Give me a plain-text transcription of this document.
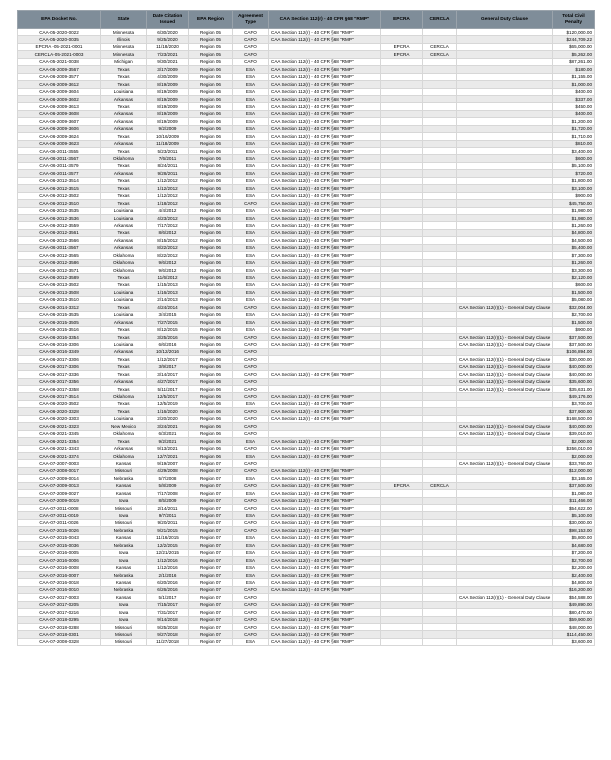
EPA Docket No.	State	Date Citation Issued	EPA Region	Agreement Type	CAA Section 112(r) - 40 CFR §68 "RMP"	EPCRA	CERCLA	General Duty Clause	Total Civil Penalty
CAA-05-2020-0022	Minnesota	6/30/2020	Region 05	CAFO	CAA Section 112(r) - 40 CFR §68 "RMP"				$120,000.00
CAA-05-2020-0035	Illinois	9/25/2020	Region 05	CAFO	CAA Section 112(r) - 40 CFR §68 "RMP"				$244,709.22
EPCRA -05-2021-0001	Minnesota	11/18/2020	Region 05	CAFO		EPCRA	CERCLA		$65,000.00
CERCLA-05-2021-0003	Minnesota	7/23/2021	Region 05	CAFO		EPCRA	CERCLA		$5,262.00
CAA-05-2021-0038	Michigan	9/30/2021	Region 05	CAFO	CAA Section 112(r) - 40 CFR §68 "RMP"				$87,261.00
CAA-06-2009-3567	Texas	3/17/2009	Region 06	ESA	CAA Section 112(r) - 40 CFR §68 "RMP"				$180.00
CAA-06-2009-3577	Texas	4/30/2009	Region 06	ESA	CAA Section 112(r) - 40 CFR §68 "RMP"				$1,155.00
CAA-06-2009-3612	Texas	8/19/2009	Region 06	ESA	CAA Section 112(r) - 40 CFR §68 "RMP"				$1,000.00
CAA-06-2009-3604	Louisiana	8/19/2009	Region 06	ESA	CAA Section 112(r) - 40 CFR §68 "RMP"				$400.00
CAA-06-2009-3602	Arkansas	8/19/2009	Region 06	ESA	CAA Section 112(r) - 40 CFR §68 "RMP"				$337.00
CAA-06-2009-3613	Texas	8/19/2009	Region 06	ESA	CAA Section 112(r) - 40 CFR §68 "RMP"				$450.00
CAA-06-2009-3608	Arkansas	8/19/2009	Region 06	ESA	CAA Section 112(r) - 40 CFR §68 "RMP"				$400.00
CAA-06-2009-3607	Arkansas	8/19/2009	Region 06	ESA	CAA Section 112(r) - 40 CFR §68 "RMP"				$1,200.00
CAA-06-2009-3606	Arkansas	9/2/2009	Region 06	ESA	CAA Section 112(r) - 40 CFR §68 "RMP"				$1,720.00
CAA-06-2009-3624	Texas	10/16/2009	Region 06	ESA	CAA Section 112(r) - 40 CFR §68 "RMP"				$1,710.00
CAA-06-2009-3623	Arkansas	11/18/2009	Region 06	ESA	CAA Section 112(r) - 40 CFR §68 "RMP"				$810.00
CAA-06-2011-3555	Texas	5/23/2011	Region 06	ESA	CAA Section 112(r) - 40 CFR §68 "RMP"				$3,400.00
CAA-06-2011-3567	Oklahoma	7/6/2011	Region 06	ESA	CAA Section 112(r) - 40 CFR §68 "RMP"				$600.00
CAA-06-2011-3579	Texas	8/24/2011	Region 06	ESA	CAA Section 112(r) - 40 CFR §68 "RMP"				$5,100.00
CAA-06-2011-3577	Arkansas	9/28/2011	Region 06	ESA	CAA Section 112(r) - 40 CFR §68 "RMP"				$720.00
CAA-06-2012-3514	Texas	1/12/2012	Region 06	ESA	CAA Section 112(r) - 40 CFR §68 "RMP"				$1,800.00
CAA-06-2012-3515	Texas	1/12/2012	Region 06	ESA	CAA Section 112(r) - 40 CFR §68 "RMP"				$3,100.00
CAA-06-2012-3502	Texas	1/12/2012	Region 06	ESA	CAA Section 112(r) - 40 CFR §68 "RMP"				$900.00
CAA-06-2012-3510	Texas	1/18/2012	Region 06	CAFO	CAA Section 112(r) - 40 CFR §68 "RMP"				$45,750.00
CAA-06-2012-3535	Louisiana	4/4/2012	Region 06	ESA	CAA Section 112(r) - 40 CFR §68 "RMP"				$1,980.00
CAA-06-2012-3536	Louisiana	4/23/2012	Region 06	ESA	CAA Section 112(r) - 40 CFR §68 "RMP"				$1,980.00
CAA-06-2012-3559	Arkansas	7/17/2012	Region 06	ESA	CAA Section 112(r) - 40 CFR §68 "RMP"				$1,260.00
CAA-06-2012-3561	Texas	8/6/2012	Region 06	ESA	CAA Section 112(r) - 40 CFR §68 "RMP"				$4,800.00
CAA-06-2012-3566	Arkansas	8/15/2012	Region 06	ESA	CAA Section 112(r) - 40 CFR §68 "RMP"				$4,500.00
CAA-06-2011-3567	Arkansas	8/22/2012	Region 06	ESA	CAA Section 112(r) - 40 CFR §68 "RMP"				$5,400.00
CAA-06-2012-3565	Oklahoma	8/22/2012	Region 06	ESA	CAA Section 112(r) - 40 CFR §68 "RMP"				$7,300.00
CAA-06-2012-3586	Oklahoma	9/6/2012	Region 06	ESA	CAA Section 112(r) - 40 CFR §68 "RMP"				$1,260.00
CAA-06-2012-3571	Oklahoma	9/6/2012	Region 06	ESA	CAA Section 112(r) - 40 CFR §68 "RMP"				$3,300.00
CAA-06-2012-3589	Texas	11/6/2012	Region 06	ESA	CAA Section 112(r) - 40 CFR §68 "RMP"				$2,120.00
CAA-06-2013-3502	Texas	1/15/2013	Region 06	ESA	CAA Section 112(r) - 40 CFR §68 "RMP"				$600.00
CAA-06-2013-3508	Louisiana	1/16/2013	Region 06	ESA	CAA Section 112(r) - 40 CFR §68 "RMP"				$1,500.00
CAA-06-2013-3510	Louisiana	2/14/2013	Region 06	ESA	CAA Section 112(r) - 40 CFR §68 "RMP"				$5,080.00
CAA-06-2014-3312	Texas	4/24/2014	Region 06	CAFO	CAA Section 112(r) - 40 CFR §68 "RMP"			CAA Section 112(r)(1) - General Duty Clause	$32,004.00
CAA-06-2015-3535	Louisiana	3/4/2015	Region 06	ESA	CAA Section 112(r) - 40 CFR §68 "RMP"				$2,700.00
CAA-06-2015-3505	Arkansas	7/27/2015	Region 06	ESA	CAA Section 112(r) - 40 CFR §68 "RMP"				$1,500.00
CAA-06-2015-3516	Texas	8/12/2015	Region 06	ESA	CAA Section 112(r) - 40 CFR §68 "RMP"				$900.00
CAA-06-2016-3354	Texas	3/25/2016	Region 06	CAFO	CAA Section 112(r) - 40 CFR §68 "RMP"			CAA Section 112(r)(1) - General Duty Clause	$37,500.00
CAA-06-2016-3306	Louisiana	6/6/2016	Region 06	CAFO	CAA Section 112(r) - 40 CFR §68 "RMP"			CAA Section 112(r)(1) - General Duty Clause	$37,500.00
CAA-06-2016-3349	Arkansas	10/12/2016	Region 06	CAFO					$106,894.00
CAA-06-2017-3306	Texas	1/12/2017	Region 06	CAFO				CAA Section 112(r)(1) - General Duty Clause	$30,000.00
CAA-06-2017-3306	Texas	3/9/2017	Region 06	CAFO				CAA Section 112(r)(1) - General Duty Clause	$40,000.00
CAA-06-2017-3336	Texas	3/14/2017	Region 06	CAFO	CAA Section 112(r) - 40 CFR §68 "RMP"			CAA Section 112(r)(1) - General Duty Clause	$40,000.00
CAA-06-2017-3356	Arkansas	4/27/2017	Region 06	CAFO				CAA Section 112(r)(1) - General Duty Clause	$35,600.00
CAA-06-2017-3358	Texas	5/11/2017	Region 06	CAFO				CAA Section 112(r)(1) - General Duty Clause	$35,631.00
CAA-06-2017-3514	Oklahoma	12/5/2017	Region 06	CAFO	CAA Section 112(r) - 40 CFR §68 "RMP"				$49,176.00
CAA-06-2020-3502	Texas	12/5/2019	Region 06	ESA	CAA Section 112(r) - 40 CFR §68 "RMP"				$3,700.00
CAA-06-2020-3328	Texas	1/16/2020	Region 06	CAFO	CAA Section 112(r) - 40 CFR §68 "RMP"				$37,900.00
CAA-06-2020-3303	Louisiana	2/20/2020	Region 06	CAFO	CAA Section 112(r) - 40 CFR §68 "RMP"				$168,500.00
CAA-06-2021-3323	New Mexico	3/24/2021	Region 06	CAFO				CAA Section 112(r)(1) - General Duty Clause	$40,000.00
CAA-06-2021-3345	Oklahoma	6/3/2021	Region 06	CAFO				CAA Section 112(r)(1) - General Duty Clause	$39,010.00
CAA-06-2021-3354	Texas	9/2/2021	Region 06	ESA	CAA Section 112(r) - 40 CFR §68 "RMP"				$2,000.00
CAA-06-2021-3343	Arkansas	9/13/2021	Region 06	CAFO	CAA Section 112(r) - 40 CFR §68 "RMP"				$356,010.00
CAA-06-2021-3374	Oklahoma	12/7/2021	Region 06	ESA	CAA Section 112(r) - 40 CFR §68 "RMP"				$2,000.00
CAA-07-2007-0003	Kansas	9/19/2007	Region 07	CAFO				CAA Section 112(r)(1) - General Duty Clause	$33,760.00
CAA-07-2008-0017	Missouri	4/29/2008	Region 07	CAFO	CAA Section 112(r) - 40 CFR §68 "RMP"				$12,000.00
CAA-07-2009-0014	Nebraska	5/7/2008	Region 07	ESA	CAA Section 112(r) - 40 CFR §68 "RMP"				$3,165.00
CAA-07-2009-0013	Kansas	5/8/2009	Region 07	CAFO	CAA Section 112(r) - 40 CFR §68 "RMP"	EPCRA	CERCLA		$37,500.00
CAA-07-2009-0027	Kansas	7/17/2008	Region 07	ESA	CAA Section 112(r) - 40 CFR §68 "RMP"				$1,080.00
CAA-07-2009-0019	Iowa	8/5/2009	Region 07	CAFO	CAA Section 112(r) - 40 CFR §68 "RMP"				$11,466.00
CAA-07-2011-0008	Missouri	2/14/2011	Region 07	CAFO	CAA Section 112(r) - 40 CFR §68 "RMP"				$54,622.00
CAA-07-2011-0019	Iowa	9/7/2011	Region 07	ESA	CAA Section 112(r) - 40 CFR §68 "RMP"				$5,100.00
CAA-07-2011-0026	Missouri	9/20/2011	Region 07	CAFO	CAA Section 112(r) - 40 CFR §68 "RMP"				$30,000.00
CAA-07-2015-0026	Nebraska	9/21/2015	Region 07	CAFO	CAA Section 112(r) - 40 CFR §68 "RMP"				$98,153.00
CAA-07-2015-0043	Kansas	11/16/2015	Region 07	ESA	CAA Section 112(r) - 40 CFR §68 "RMP"				$5,800.00
CAA-07-2015-0036	Nebraska	12/2/2015	Region 07	ESA	CAA Section 112(r) - 40 CFR §68 "RMP"				$4,680.00
CAA-07-2016-0005	Iowa	12/21/2015	Region 07	ESA	CAA Section 112(r) - 40 CFR §68 "RMP"				$7,200.00
CAA-07-2016-0006	Iowa	1/12/2016	Region 07	ESA	CAA Section 112(r) - 40 CFR §68 "RMP"				$2,700.00
CAA-07-2016-0008	Kansas	1/12/2016	Region 07	ESA	CAA Section 112(r) - 40 CFR §68 "RMP"				$2,200.00
CAA-07-2016-0007	Nebraska	2/1/2016	Region 07	ESA	CAA Section 112(r) - 40 CFR §68 "RMP"				$2,400.00
CAA-07-2016-0018	Kansas	6/20/2016	Region 07	ESA	CAA Section 112(r) - 40 CFR §68 "RMP"				$4,800.00
CAA-07-2016-0010	Nebraska	6/26/2016	Region 07	CAFO	CAA Section 112(r) - 40 CFR §68 "RMP"				$16,200.00
CAA-07-2017-0003	Kansas	5/1/2017	Region 07	CAFO				CAA Section 112(r)(1) - General Duty Clause	$54,588.00
CAA-07-2017-0205	Iowa	7/15/2017	Region 07	CAFO	CAA Section 112(r) - 40 CFR §68 "RMP"				$49,890.00
CAA-07-2017-0216	Iowa	7/31/2017	Region 07	CAFO	CAA Section 112(r) - 40 CFR §68 "RMP"				$80,470.00
CAA-07-2018-0295	Iowa	9/14/2018	Region 07	CAFO	CAA Section 112(r) - 40 CFR §68 "RMP"				$59,900.00
CAA-07-2018-0288	Missouri	9/25/2018	Region 07	CAFO	CAA Section 112(r) - 40 CFR §68 "RMP"				$48,000.00
CAA-07-2018-0301	Missouri	9/27/2018	Region 07	CAFO	CAA Section 112(r) - 40 CFR §68 "RMP"				$114,450.00
CAA-07-2008-0328	Missouri	11/27/2018	Region 07	ESA	CAA Section 112(r) - 40 CFR §68 "RMP"				$3,600.00
